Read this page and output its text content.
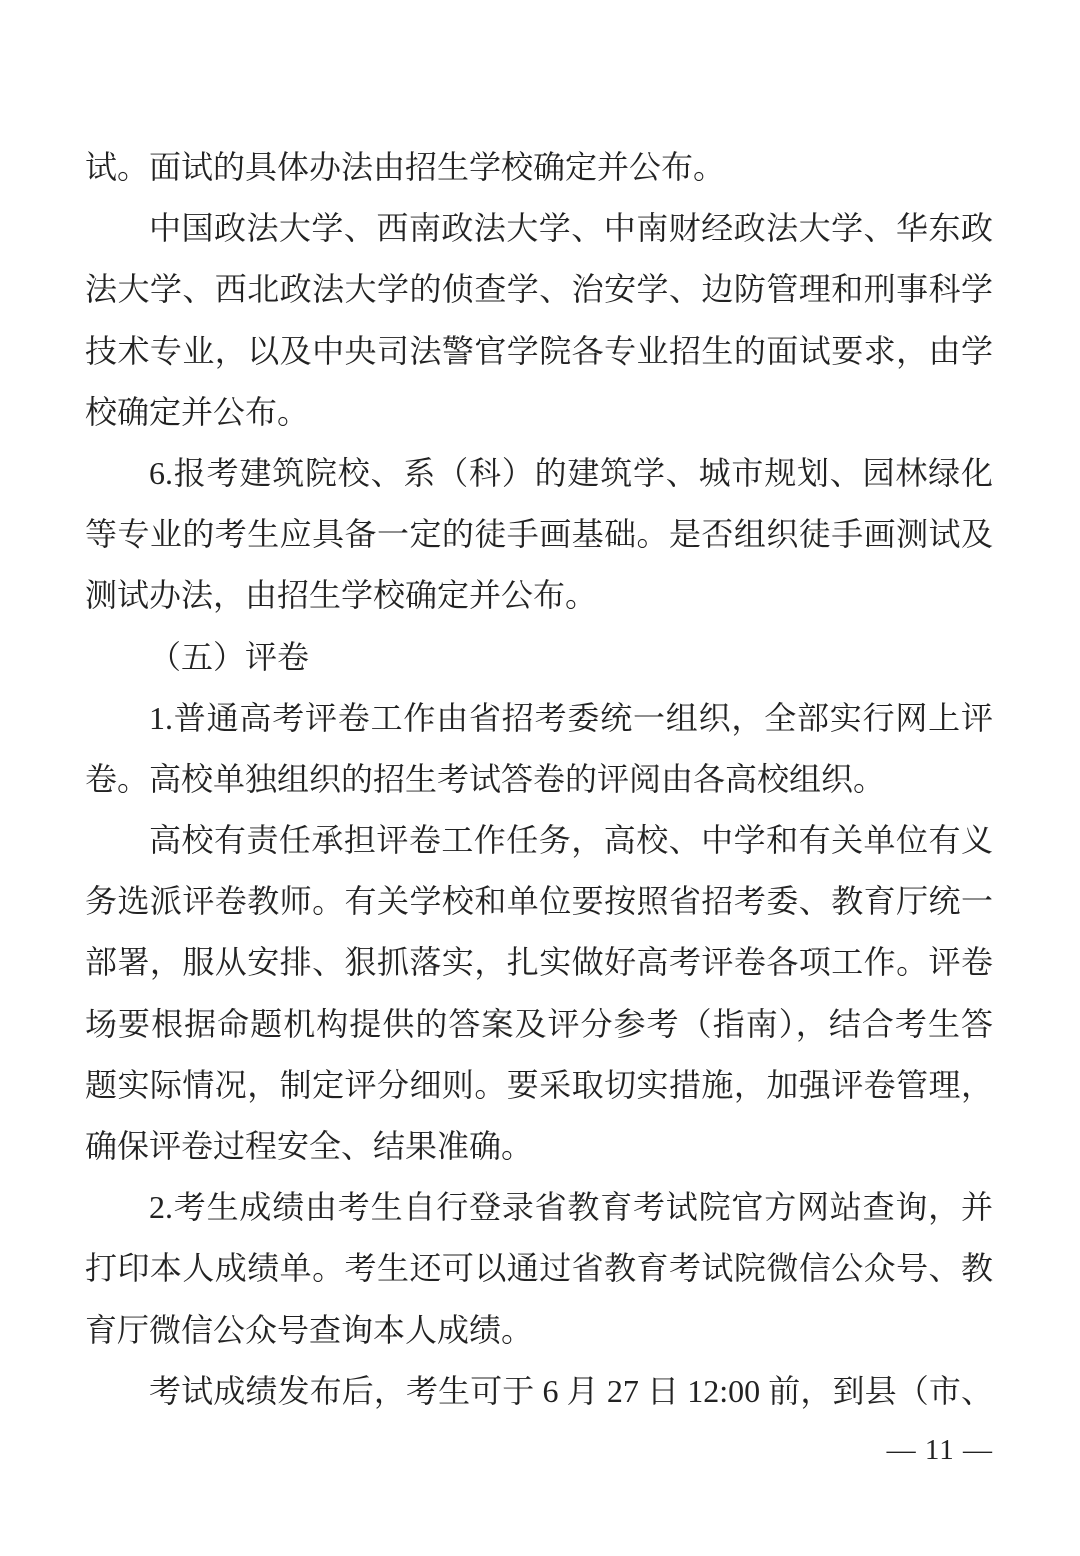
试。面试的具体办法由招生学校确定并公布。
中国政法大学、西南政法大学、中南财经政法大学、华东政
法大学、西北政法大学的侦查学、治安学、边防管理和刑事科学
技术专业，以及中央司法警官学院各专业招生的面试要求，由学
校确定并公布。
6.报考建筑院校、系（科）的建筑学、城市规划、园林绿化
等专业的考生应具备一定的徒手画基础。是否组织徒手画测试及
测试办法，由招生学校确定并公布。
（五）评卷
1.普通高考评卷工作由省招考委统一组织，全部实行网上评
卷。高校单独组织的招生考试答卷的评阅由各高校组织。
高校有责任承担评卷工作任务，高校、中学和有关单位有义
务选派评卷教师。有关学校和单位要按照省招考委、教育厅统一
部署，服从安排、狠抓落实，扎实做好高考评卷各项工作。评卷
场要根据命题机构提供的答案及评分参考（指南），结合考生答
题实际情况，制定评分细则。要采取切实措施，加强评卷管理，
确保评卷过程安全、结果准确。
2.考生成绩由考生自行登录省教育考试院官方网站查询，并
打印本人成绩单。考生还可以通过省教育考试院微信公众号、教
育厅微信公众号查询本人成绩。
考试成绩发布后，考生可于 6 月 27 日 12:00 前，到县（市、
— 11 —
